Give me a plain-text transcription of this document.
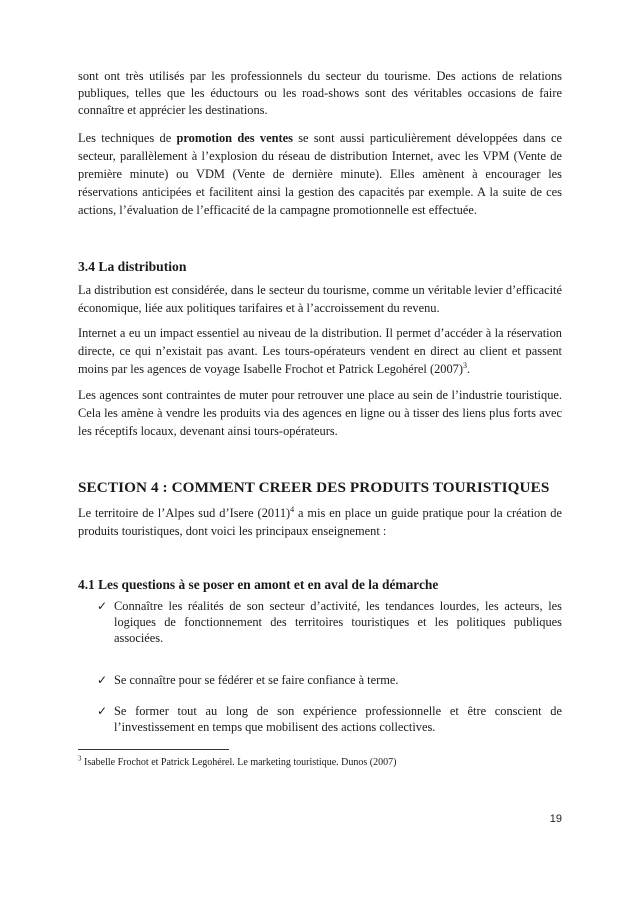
sont ont très utilisés par les professionnels du secteur du tourisme. Des actions de relations publiques, telles que les éductours ou les road-shows sont des véritables occasions de faire connaître et apprécier les destinations.

Les techniques de promotion des ventes se sont aussi particulièrement développées dans ce secteur, parallèlement à l’explosion du réseau de distribution Internet, avec les VPM (Vente de première minute) ou VDM (Vente de dernière minute). Elles amènent à encourager les réservations anticipées et facilitent ainsi la gestion des capacités par exemple. A la suite de ces actions, l’évaluation de l’efficacité de la campagne promotionnelle est effectuée.

3.4 La distribution

La distribution est considérée, dans le secteur du tourisme, comme un véritable levier d’efficacité économique, liée aux politiques tarifaires et à l’accroissement du revenu.

Internet a eu un impact essentiel au niveau de la distribution. Il permet d’accéder à la réservation directe, ce qui n’existait pas avant. Les tours-opérateurs vendent en direct au client et passent moins par les agences de voyage Isabelle Frochot et Patrick Legohérel $(2007)^3$.

Les agences sont contraintes de muter pour retrouver une place au sein de l’industrie touristique. Cela les amène à vendre les produits via des agences en ligne ou à tisser des liens plus forts avec les réceptifs locaux, devenant ainsi tours-opérateurs.

SECTION 4 : COMMENT CREER DES PRODUITS TOURISTIQUES

Le territoire de l’Alpes sud d’Isere $(2011)^4$ a mis en place un guide pratique pour la création de produits touristiques, dont voici les principaux enseignement :

4.1 Les questions à se poser en amont et en aval de la démarche
✓ Connaître les réalités de son secteur d’activité, les tendances lourdes, les acteurs, les logiques de fonctionnement des territoires touristiques et les politiques publiques associées.
✓ Se connaître pour se fédérer et se faire confiance à terme.
✓ Se former tout au long de son expérience professionnelle et être conscient de l’investissement en temps que mobilisent des actions collectives.

$^3$ Isabelle Frochot et Patrick Legohérel. Le marketing touristique. Dunos (2007)

19
